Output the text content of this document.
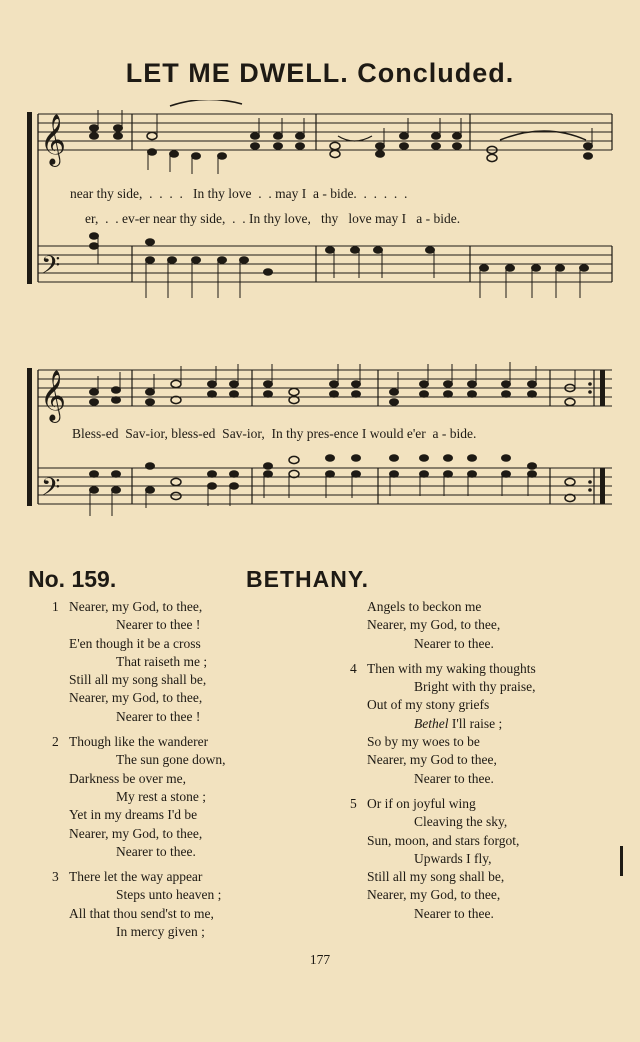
LET ME DWELL. Concluded.
𝄞
𝄢
near thy side,  .  .  .  .   In thy love  .  . may I  a - bide.  .  .  .  .  .
er,  .  . ev-er near thy side,  .  . In thy love,   thy   love may I   a - bide.
𝄞
𝄢
Bless-ed  Sav-ior, bless-ed  Sav-ior,  In thy pres-ence I would e'er  a - bide.
No. 159.	BETHANY.
1 Nearer, my God, to thee,
Nearer to thee !
E'en though it be a cross
That raiseth me ;
Still all my song shall be,
Nearer, my God, to thee,
Nearer to thee !
2 Though like the wanderer
The sun gone down,
Darkness be over me,
My rest a stone ;
Yet in my dreams I'd be
Nearer, my God, to thee,
Nearer to thee.
3 There let the way appear
Steps unto heaven ;
All that thou send'st to me,
In mercy given ;
Angels to beckon me
Nearer, my God, to thee,
Nearer to thee.
4 Then with my waking thoughts
Bright with thy praise,
Out of my stony griefs
Bethel I'll raise ;
So by my woes to be
Nearer, my God to thee,
Nearer to thee.
5 Or if on joyful wing
Cleaving the sky,
Sun, moon, and stars forgot,
Upwards I fly,
Still all my song shall be,
Nearer, my God, to thee,
Nearer to thee.
177
